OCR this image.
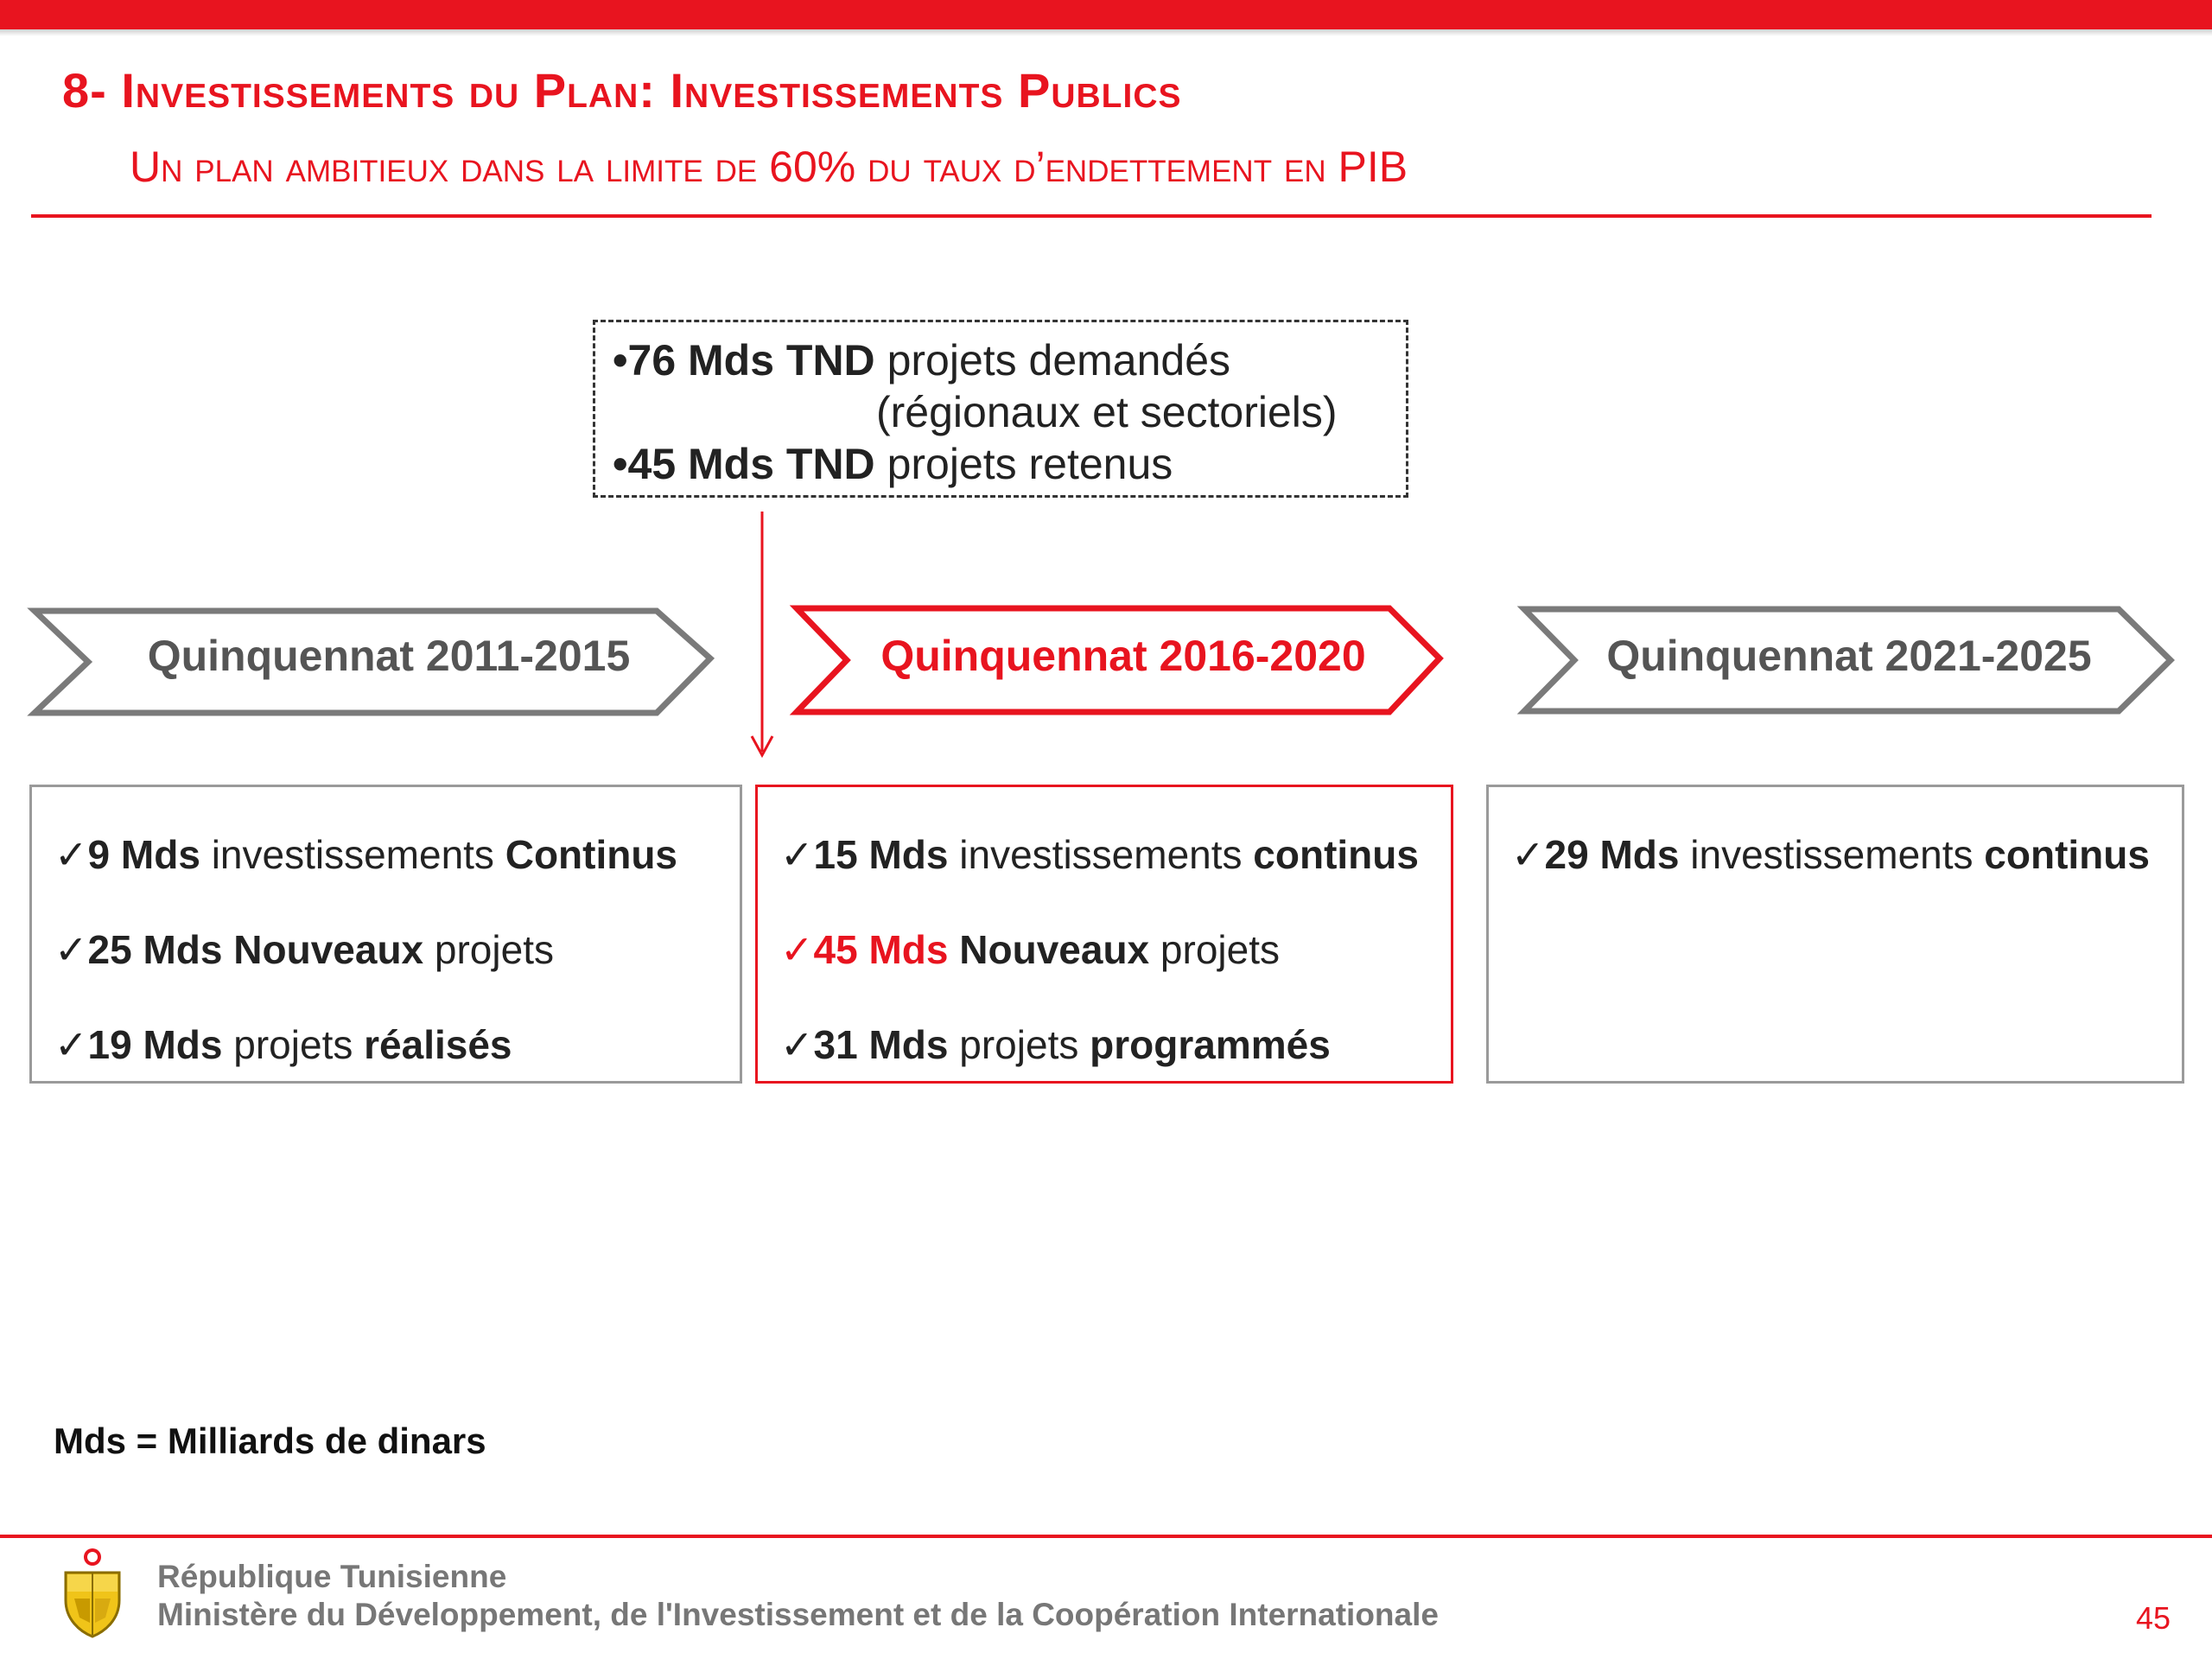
8- Investissements du Plan: Investissements Publics
Un plan ambitieux dans la limite de 60% du taux d’endettement en PIB
•76 Mds TND projets demandés
(régionaux et sectoriels)
•45 Mds TND projets retenus
Quinquennat 2011-2015	Quinquennat 2016-2020	Quinquennat 2021-2025
✓9 Mds investissements Continus
✓25 Mds Nouveaux projets
✓19 Mds projets réalisés
✓15 Mds investissements continus
✓45 Mds Nouveaux projets
✓31 Mds projets programmés
✓29 Mds investissements continus
Mds = Milliards de dinars
République Tunisienne
Ministère du Développement, de l'Investissement et de la Coopération Internationale	45
